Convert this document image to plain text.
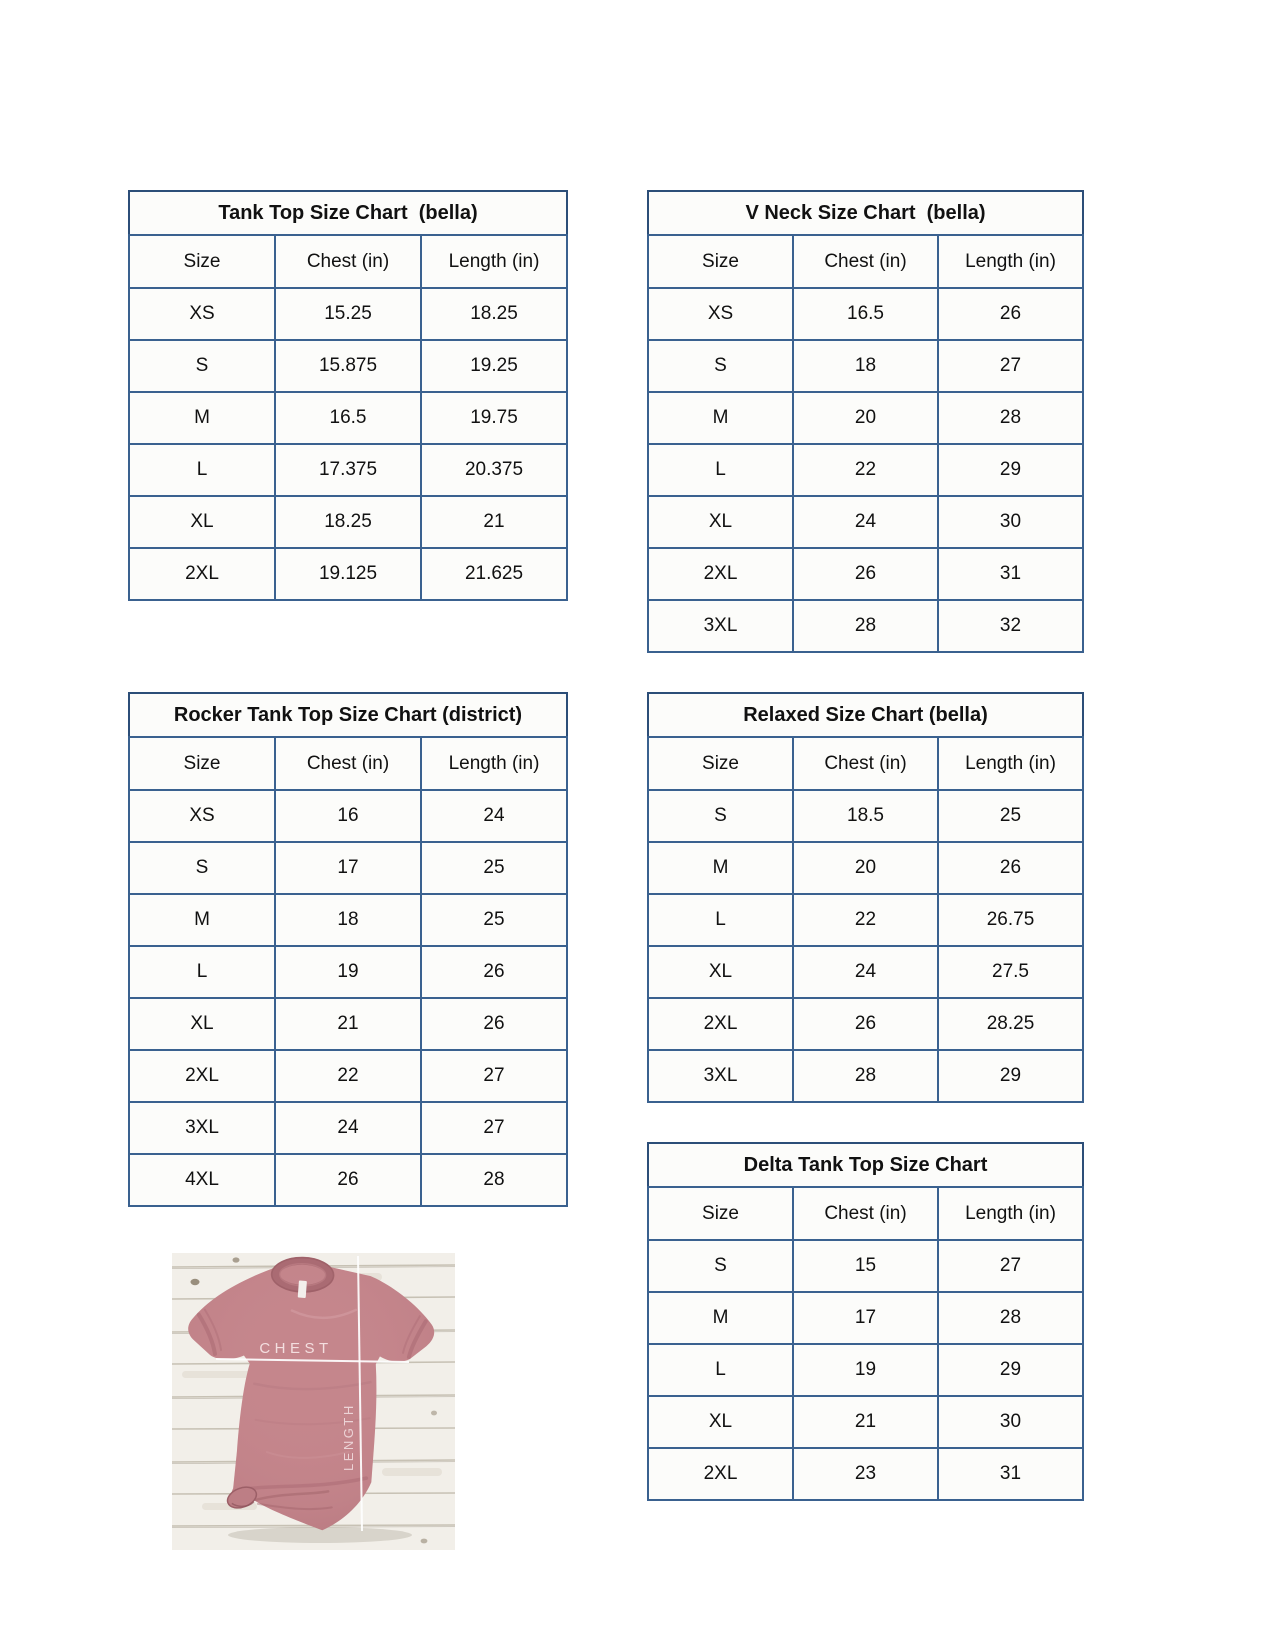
Tank Top Size Chart  (bella)
Size	Chest (in)	Length (in)
XS	15.25	18.25
S	15.875	19.25
M	16.5	19.75
L	17.375	20.375
XL	18.25	21
2XL	19.125	21.625
V Neck Size Chart  (bella)
Size	Chest (in)	Length (in)
XS	16.5	26
S	18	27
M	20	28
L	22	29
XL	24	30
2XL	26	31
3XL	28	32
Rocker Tank Top Size Chart (district)
Size	Chest (in)	Length (in)
XS	16	24
S	17	25
M	18	25
L	19	26
XL	21	26
2XL	22	27
3XL	24	27
4XL	26	28
Relaxed Size Chart (bella)
Size	Chest (in)	Length (in)
S	18.5	25
M	20	26
L	22	26.75
XL	24	27.5
2XL	26	28.25
3XL	28	29
Delta Tank Top Size Chart
Size	Chest (in)	Length (in)
S	15	27
M	17	28
L	19	29
XL	21	30
2XL	23	31
CHEST
LENGTH
